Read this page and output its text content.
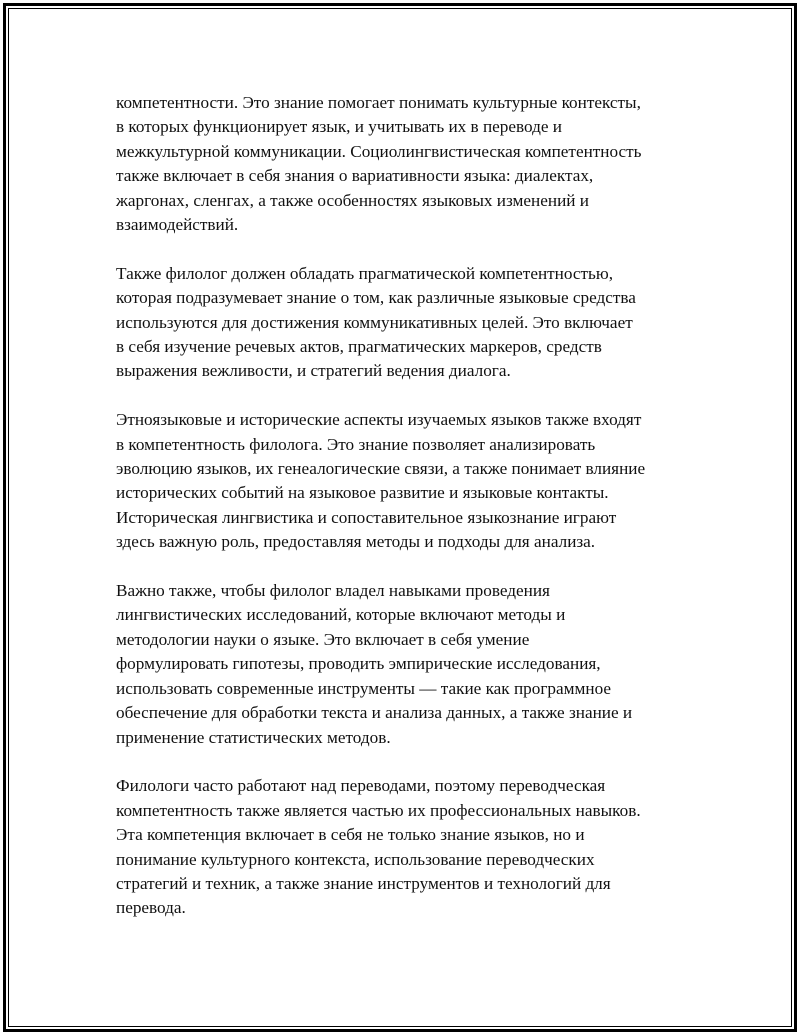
компетентности. Это знание помогает понимать культурные контексты,
в которых функционирует язык, и учитывать их в переводе и
межкультурной коммуникации. Социолингвистическая компетентность
также включает в себя знания о вариативности языка: диалектах,
жаргонах, сленгах, а также особенностях языковых изменений и
взаимодействий.

Также филолог должен обладать прагматической компетентностью,
которая подразумевает знание о том, как различные языковые средства
используются для достижения коммуникативных целей. Это включает
в себя изучение речевых актов, прагматических маркеров, средств
выражения вежливости, и стратегий ведения диалога.

Этноязыковые и исторические аспекты изучаемых языков также входят
в компетентность филолога. Это знание позволяет анализировать
эволюцию языков, их генеалогические связи, а также понимает влияние
исторических событий на языковое развитие и языковые контакты.
Историческая лингвистика и сопоставительное языкознание играют
здесь важную роль, предоставляя методы и подходы для анализа.

Важно также, чтобы филолог владел навыками проведения
лингвистических исследований, которые включают методы и
методологии науки о языке. Это включает в себя умение
формулировать гипотезы, проводить эмпирические исследования,
использовать современные инструменты — такие как программное
обеспечение для обработки текста и анализа данных, а также знание и
применение статистических методов.

Филологи часто работают над переводами, поэтому переводческая
компетентность также является частью их профессиональных навыков.
Эта компетенция включает в себя не только знание языков, но и
понимание культурного контекста, использование переводческих
стратегий и техник, а также знание инструментов и технологий для
перевода.
